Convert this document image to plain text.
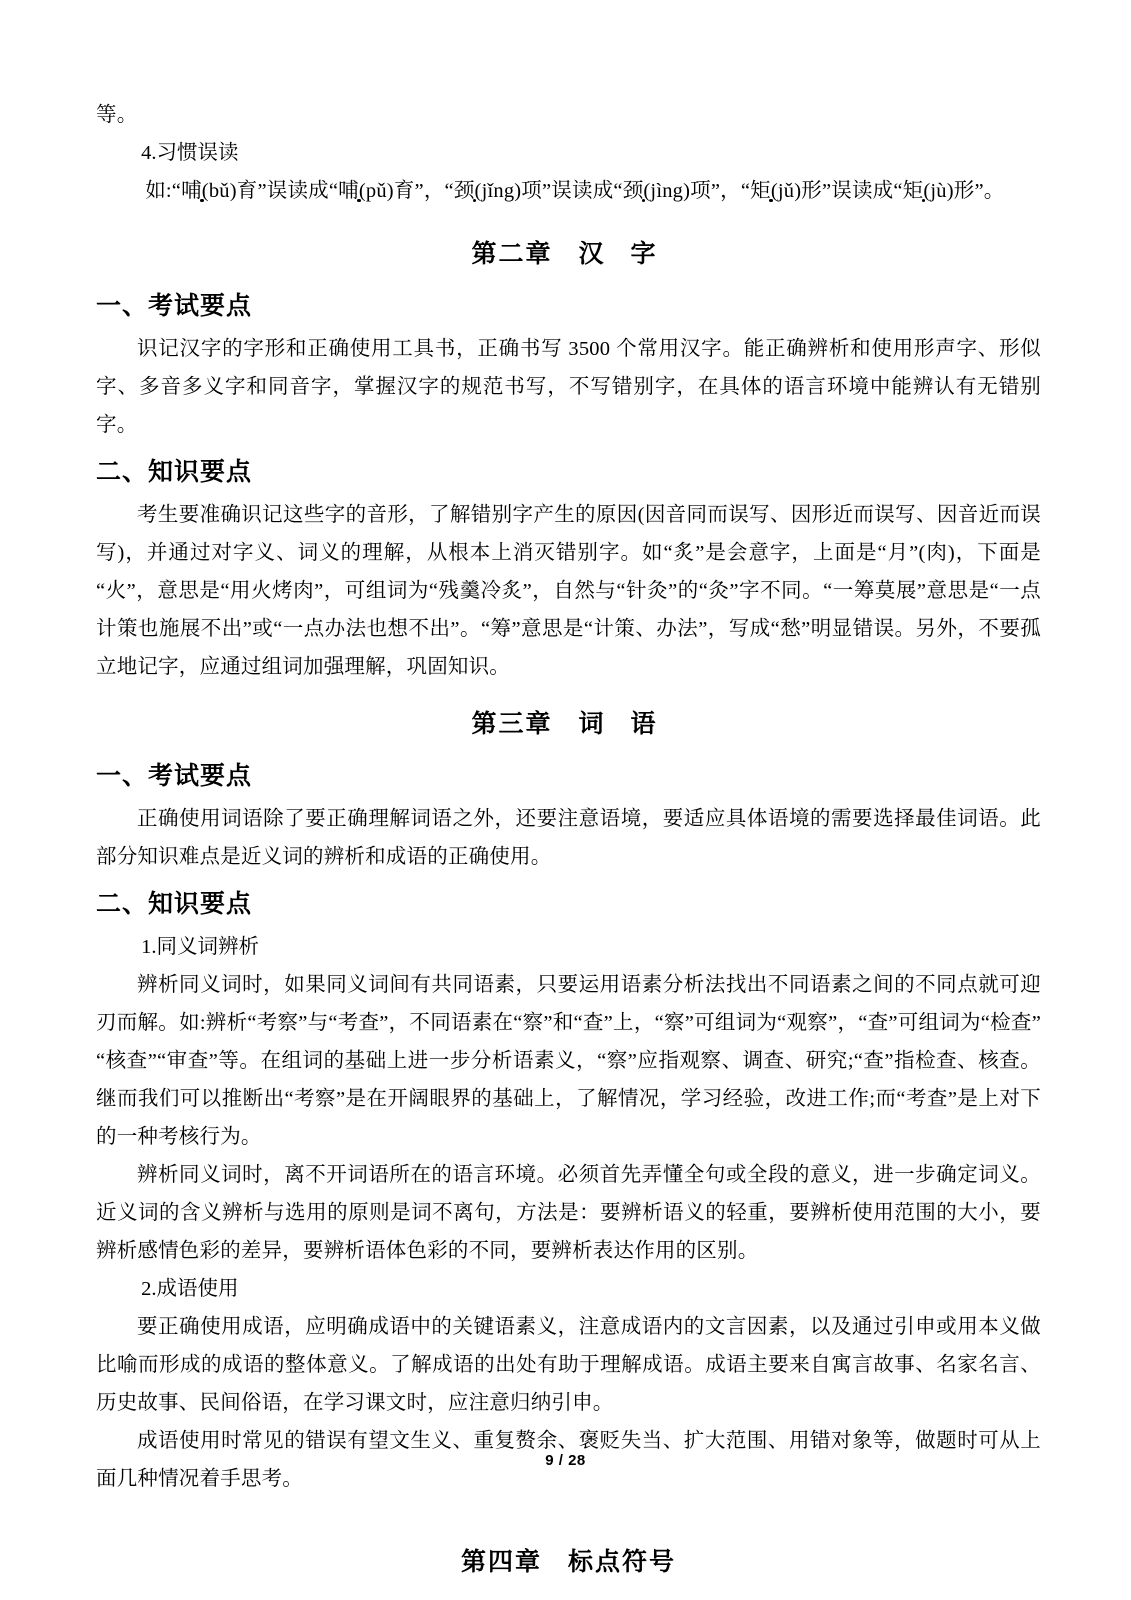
等。

4.习惯误读

如:“哺(bǔ)育”误读成“哺(pǔ)育”，“颈(jǐng)项”误读成“颈(jìng)项”，“矩(jǔ)形”误读成“矩(jù)形”。

第二章 汉 字
一、考试要点

识记汉字的字形和正确使用工具书，正确书写 3500 个常用汉字。能正确辨析和使用形声字、形似字、多音多义字和同音字，掌握汉字的规范书写，不写错别字，在具体的语言环境中能辨认有无错别字。

二、知识要点

考生要准确识记这些字的音形，了解错别字产生的原因(因音同而误写、因形近而误写、因音近而误写)，并通过对字义、词义的理解，从根本上消灭错别字。如“炙”是会意字，上面是“月”(肉)，下面是“火”，意思是“用火烤肉”，可组词为“残羹冷炙”，自然与“针灸”的“灸”字不同。“一筹莫展”意思是“一点计策也施展不出”或“一点办法也想不出”。“筹”意思是“计策、办法”，写成“愁”明显错误。另外，不要孤立地记字，应通过组词加强理解，巩固知识。

第三章 词 语
一、考试要点

正确使用词语除了要正确理解词语之外，还要注意语境，要适应具体语境的需要选择最佳词语。此部分知识难点是近义词的辨析和成语的正确使用。

二、知识要点

1.同义词辨析

辨析同义词时，如果同义词间有共同语素，只要运用语素分析法找出不同语素之间的不同点就可迎刃而解。如:辨析“考察”与“考查”，不同语素在“察”和“查”上，“察”可组词为“观察”，“查”可组词为“检查”“核查”“审查”等。在组词的基础上进一步分析语素义，“察”应指观察、调查、研究;“查”指检查、核查。继而我们可以推断出“考察”是在开阔眼界的基础上，了解情况，学习经验，改进工作;而“考查”是上对下的一种考核行为。

辨析同义词时，离不开词语所在的语言环境。必须首先弄懂全句或全段的意义，进一步确定词义。近义词的含义辨析与选用的原则是词不离句，方法是：要辨析语义的轻重，要辨析使用范围的大小，要辨析感情色彩的差异，要辨析语体色彩的不同，要辨析表达作用的区别。

2.成语使用

要正确使用成语，应明确成语中的关键语素义，注意成语内的文言因素，以及通过引申或用本义做比喻而形成的成语的整体意义。了解成语的出处有助于理解成语。成语主要来自寓言故事、名家名言、历史故事、民间俗语，在学习课文时，应注意归纳引申。

成语使用时常见的错误有望文生义、重复赘余、褒贬失当、扩大范围、用错对象等，做题时可从上面几种情况着手思考。

第四章 标点符号
9 / 28
